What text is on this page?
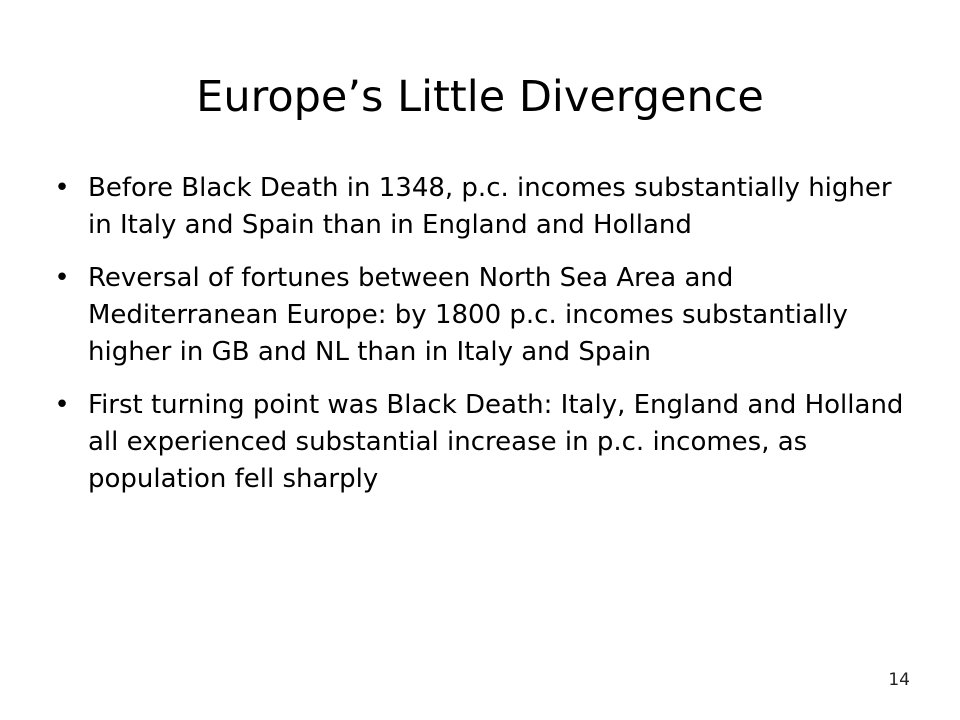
Europe’s Little Divergence
• Before Black Death in 1348, p.c. incomes substantially higher in Italy and Spain than in England and Holland
• Reversal of fortunes between North Sea Area and Mediterranean Europe: by 1800 p.c. incomes substantially higher in GB and NL than in Italy and Spain
• First turning point was Black Death: Italy, England and Holland all experienced substantial increase in p.c. incomes, as population fell sharply
14
